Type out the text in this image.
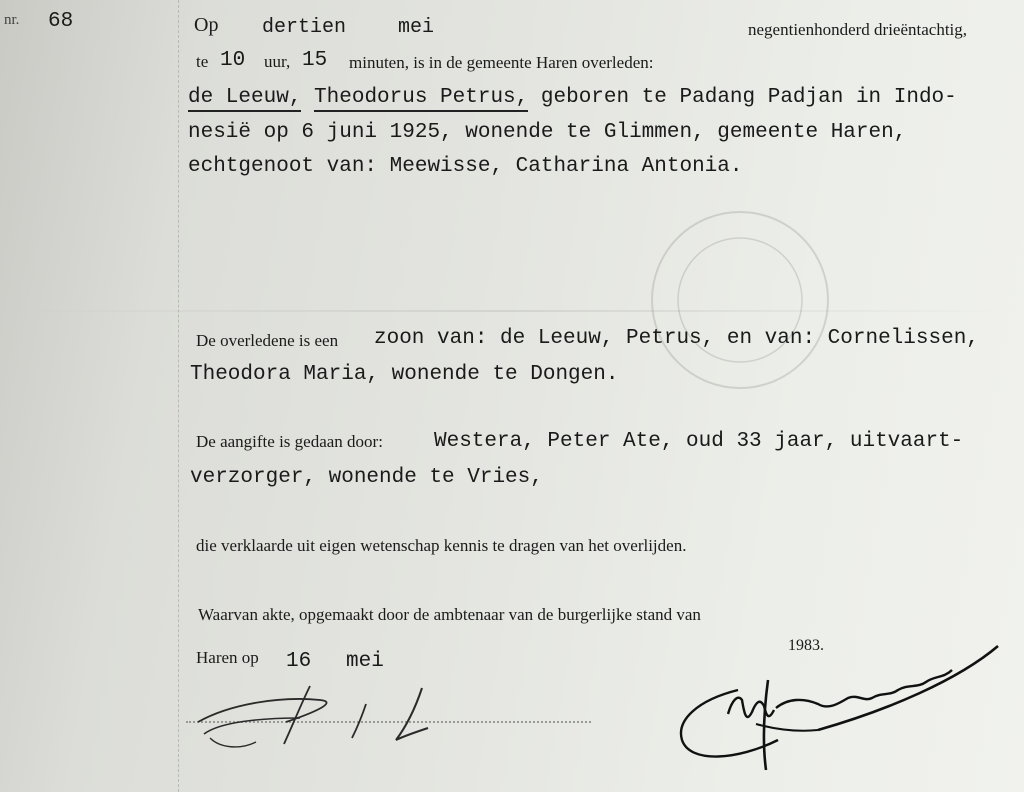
nr. 68	Op dertien	mei	negentienhonderd drieëntachtig,
te 10 uur, 15 minuten, is in de gemeente Haren overleden:
de Leeuw, Theodorus Petrus, geboren te Padang Padjan in Indo-
nesië op 6 juni 1925, wonende te Glimmen, gemeente Haren,
echtgenoot van: Meewisse, Catharina Antonia.
De overledene is een zoon van: de Leeuw, Petrus, en van: Cornelissen,
Theodora Maria, wonende te Dongen.
De aangifte is gedaan door: Westera, Peter Ate, oud 33 jaar, uitvaart-
verzorger, wonende te Vries,
die verklaarde uit eigen wetenschap kennis te dragen van het overlijden.
Waarvan akte, opgemaakt door de ambtenaar van de burgerlijke stand van
1983.
Haren op 16 mei
